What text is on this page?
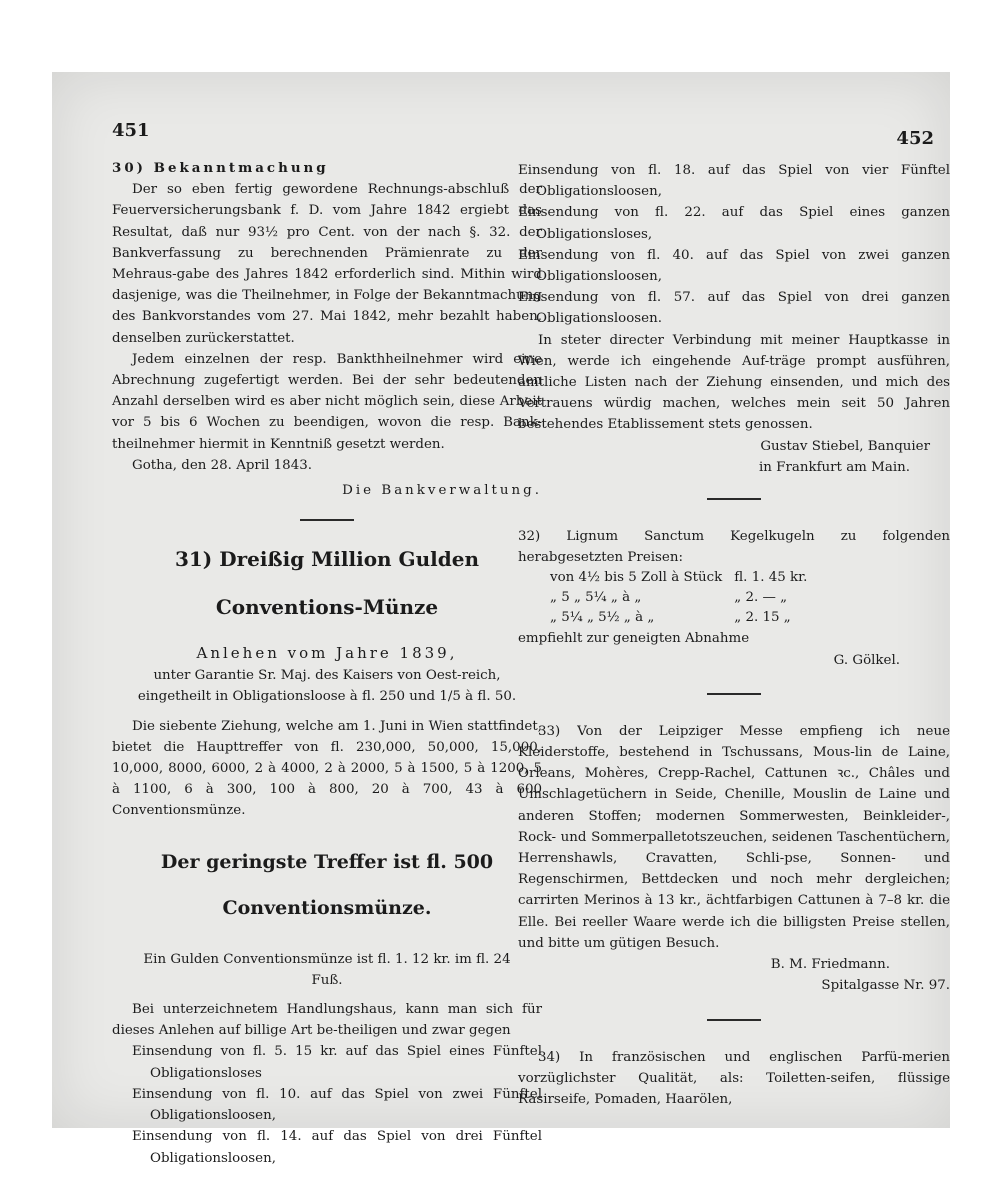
451	452

30) Bekanntmachung

Der so eben fertig gewordene Rechnungs-abschluß der Feuerversicherungsbank f. D. vom Jahre 1842 ergiebt das Resultat, daß nur 93½ pro Cent. von der nach §. 32. der Bankverfassung zu berechnenden Prämienrate zu der Mehraus-gabe des Jahres 1842 erforderlich sind. Mithin wird dasjenige, was die Theilnehmer, in Folge der Bekanntmachung des Bankvorstandes vom 27. Mai 1842, mehr bezahlt haben, denselben zurückerstattet.

Jedem einzelnen der resp. Bankthheilnehmer wird eine Abrechnung zugefertigt werden. Bei der sehr bedeutenden Anzahl derselben wird es aber nicht möglich sein, diese Arbeit vor 5 bis 6 Wochen zu beendigen, wovon die resp. Bank-theilnehmer hiermit in Kenntniß gesetzt werden.

Gotha, den 28. April 1843.

Die Bankverwaltung.

31) Dreißig Million Gulden

Conventions-Münze

Anlehen vom Jahre 1839,

unter Garantie Sr. Maj. des Kaisers von Oest-reich, eingetheilt in Obligationsloose à fl. 250 und 1/5 à fl. 50.

Die siebente Ziehung, welche am 1. Juni in Wien stattfindet, bietet die Haupttreffer von fl. 230,000, 50,000, 15,000, 10,000, 8000, 6000, 2 à 4000, 2 à 2000, 5 à 1500, 5 à 1200, 5 à 1100, 6 à 300, 100 à 800, 20 à 700, 43 à 600 Conventionsmünze.

Der geringste Treffer ist fl. 500

Conventionsmünze.

Ein Gulden Conventionsmünze ist fl. 1. 12 kr. im fl. 24 Fuß.

Bei unterzeichnetem Handlungshaus, kann man sich für dieses Anlehen auf billige Art be-theiligen und zwar gegen

Einsendung von fl. 5. 15 kr. auf das Spiel eines Fünftel Obligationsloses

Einsendung von fl. 10. auf das Spiel von zwei Fünftel Obligationsloosen,

Einsendung von fl. 14. auf das Spiel von drei Fünftel Obligationsloosen,

Einsendung von fl. 18. auf das Spiel von vier Fünftel Obligationsloosen,

Einsendung von fl. 22. auf das Spiel eines ganzen Obligationsloses,

Einsendung von fl. 40. auf das Spiel von zwei ganzen Obligationsloosen,

Einsendung von fl. 57. auf das Spiel von drei ganzen Obligationsloosen.

In steter directer Verbindung mit meiner Hauptkasse in Wien, werde ich eingehende Auf-träge prompt ausführen, amtliche Listen nach der Ziehung einsenden, und mich des Vertrauens würdig machen, welches mein seit 50 Jahren bestehendes Etablissement stets genossen.

Gustav Stiebel, Banquier

in Frankfurt am Main.

32) Lignum Sanctum Kegelkugeln zu folgenden herabgesetzten Preisen:

von 4½ bis 5 Zoll à Stück	fl. 1. 45 kr.
„ 5 „ 5¼ „ à „	„ 2. — „
„ 5¼ „ 5½ „ à „	„ 2. 15 „

empfiehlt zur geneigten Abnahme

G. Gölkel.

33) Von der Leipziger Messe empfieng ich neue Kleiderstoffe, bestehend in Tschussans, Mous-lin de Laine, Orleans, Mohères, Crepp-Rachel, Cattunen ꝛc., Châles und Umschlagetüchern in Seide, Chenille, Mouslin de Laine und anderen Stoffen; modernen Sommerwesten, Beinkleider-, Rock- und Sommerpalletotszeuchen, seidenen Taschentüchern, Herrenshawls, Cravatten, Schli-pse, Sonnen- und Regenschirmen, Bettdecken und noch mehr dergleichen; carrirten Merinos à 13 kr., ächtfarbigen Cattunen à 7–8 kr. die Elle. Bei reeller Waare werde ich die billigsten Preise stellen, und bitte um gütigen Besuch.

B. M. Friedmann.

Spitalgasse Nr. 97.

34) In französischen und englischen Parfü-merien vorzüglichster Qualität, als: Toiletten-seifen, flüssige Rasirseife, Pomaden, Haarölen,
